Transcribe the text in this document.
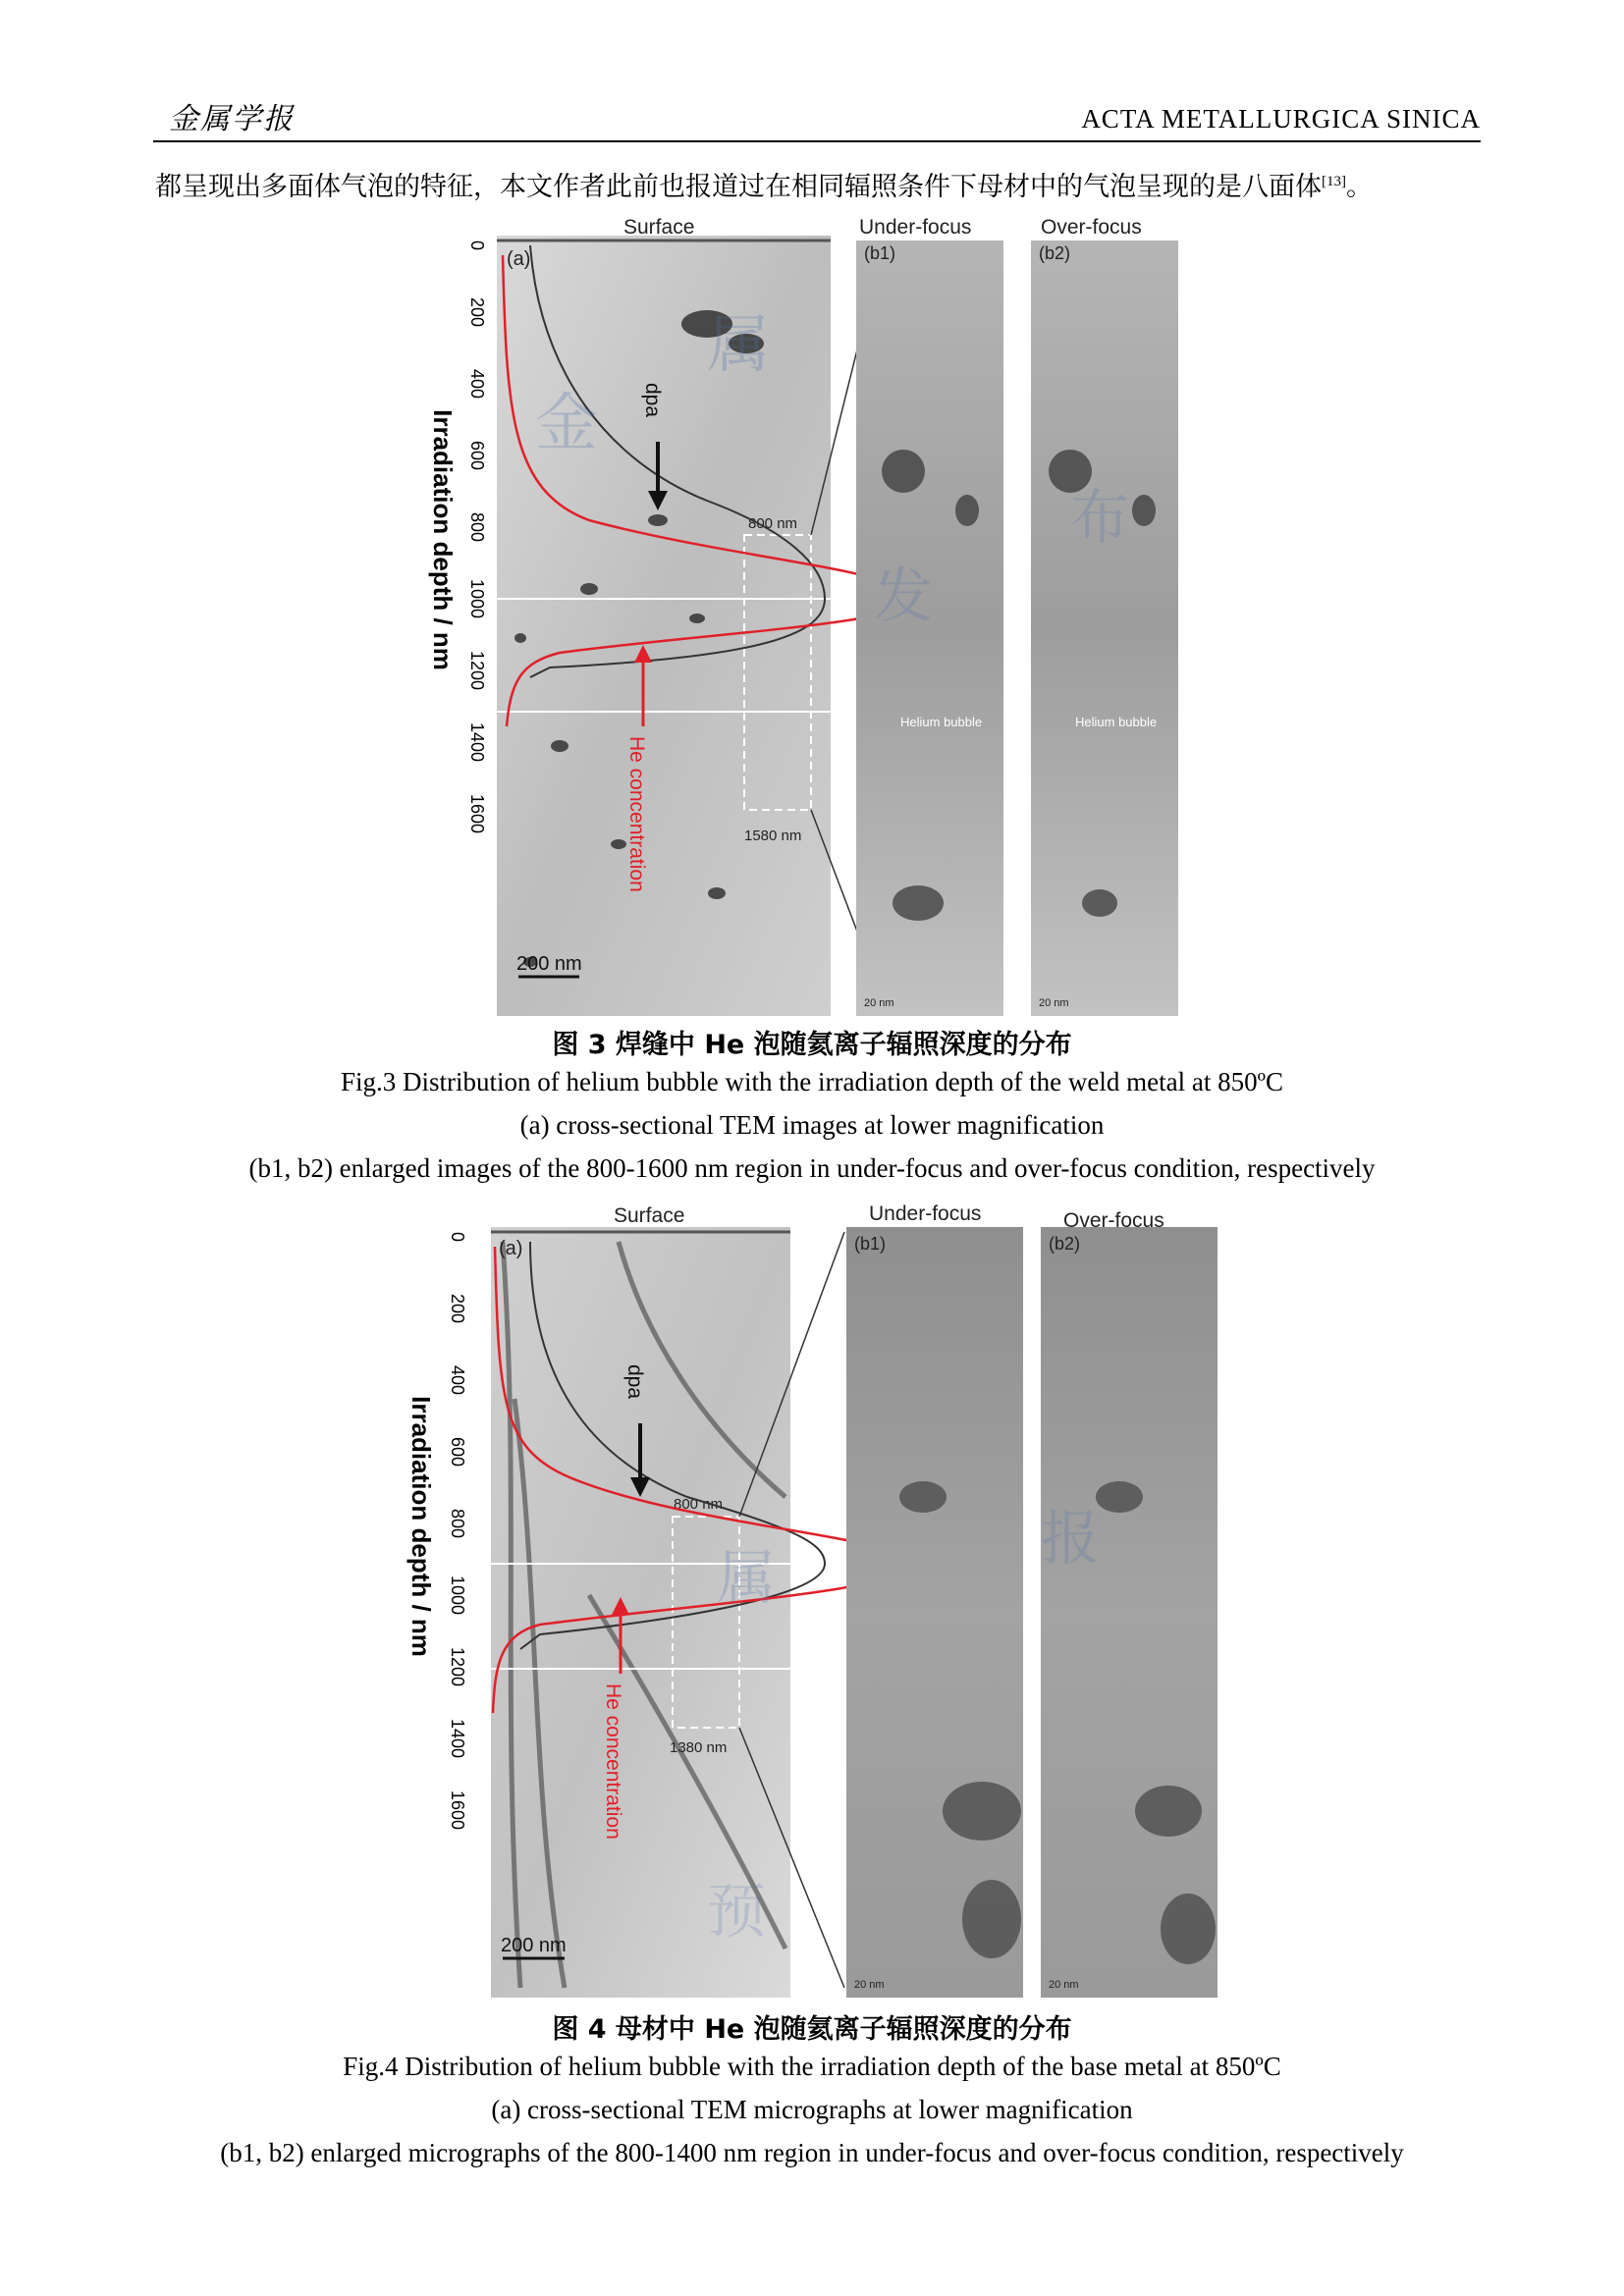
金属学报	ACTA METALLURGICA SINICA
都呈现出多面体气泡的特征，本文作者此前也报道过在相同辐照条件下母材中的气泡呈现的是八面体[13]。
0
200
400
600
800
1000
1200
1400
1600
Irradiation depth / nm
Surface
(a)
800 nm
1580 nm
dpa
He concentration
200 nm
Under-focus	Over-focus
(b1)	(b2)
Helium bubble	Helium bubble
20 nm	20 nm
图 3 焊缝中 He 泡随氦离子辐照深度的分布
Fig.3 Distribution of helium bubble with the irradiation depth of the weld metal at 850ºC
(a) cross-sectional TEM images at lower magnification
(b1, b2) enlarged images of the 800-1600 nm region in under-focus and over-focus condition, respectively
0
200
400
600
800
1000
1200
1400
1600
Irradiation depth / nm
Surface
(a)
800 nm
1380 nm
dpa
He concentration
200 nm
Under-focus	Over-focus
(b1)	(b2)
20 nm	20 nm
图 4 母材中 He 泡随氦离子辐照深度的分布
Fig.4 Distribution of helium bubble with the irradiation depth of the base metal at 850ºC
(a) cross-sectional TEM micrographs at lower magnification
(b1, b2) enlarged micrographs of the 800-1400 nm region in under-focus and over-focus condition, respectively
属
金
发
布
属
报
预
